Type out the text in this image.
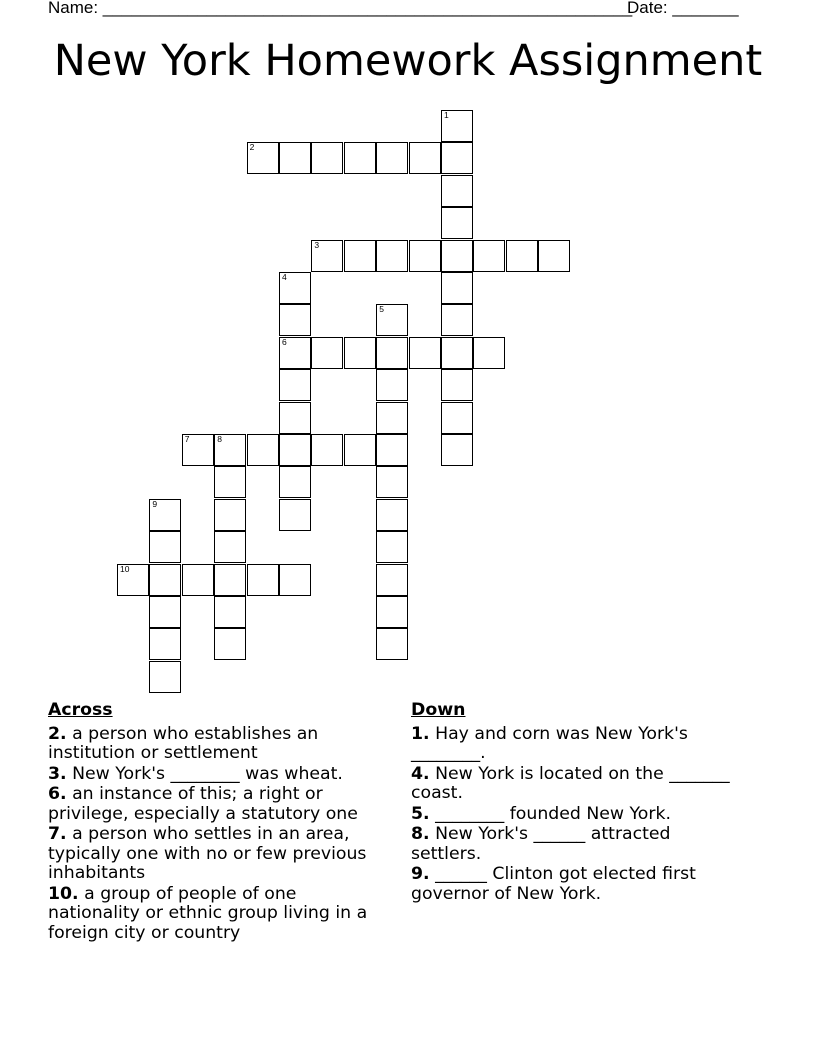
Name: ________________________________________________________
Date: _______
New York Homework Assignment
1
2
3
4
6
5
7	8
9
10
Across
2. a person who establishes an institution or settlement
3. New York's ________ was wheat.
6. an instance of this; a right or privilege, especially a statutory one
7. a person who settles in an area, typically one with no or few previous inhabitants
10. a group of people of one nationality or ethnic group living in a foreign city or country
Down
1. Hay and corn was New York's ________.
4. New York is located on the _______ coast.
5. ________ founded New York.
8. New York's ______ attracted settlers.
9. ______ Clinton got elected first governor of New York.
